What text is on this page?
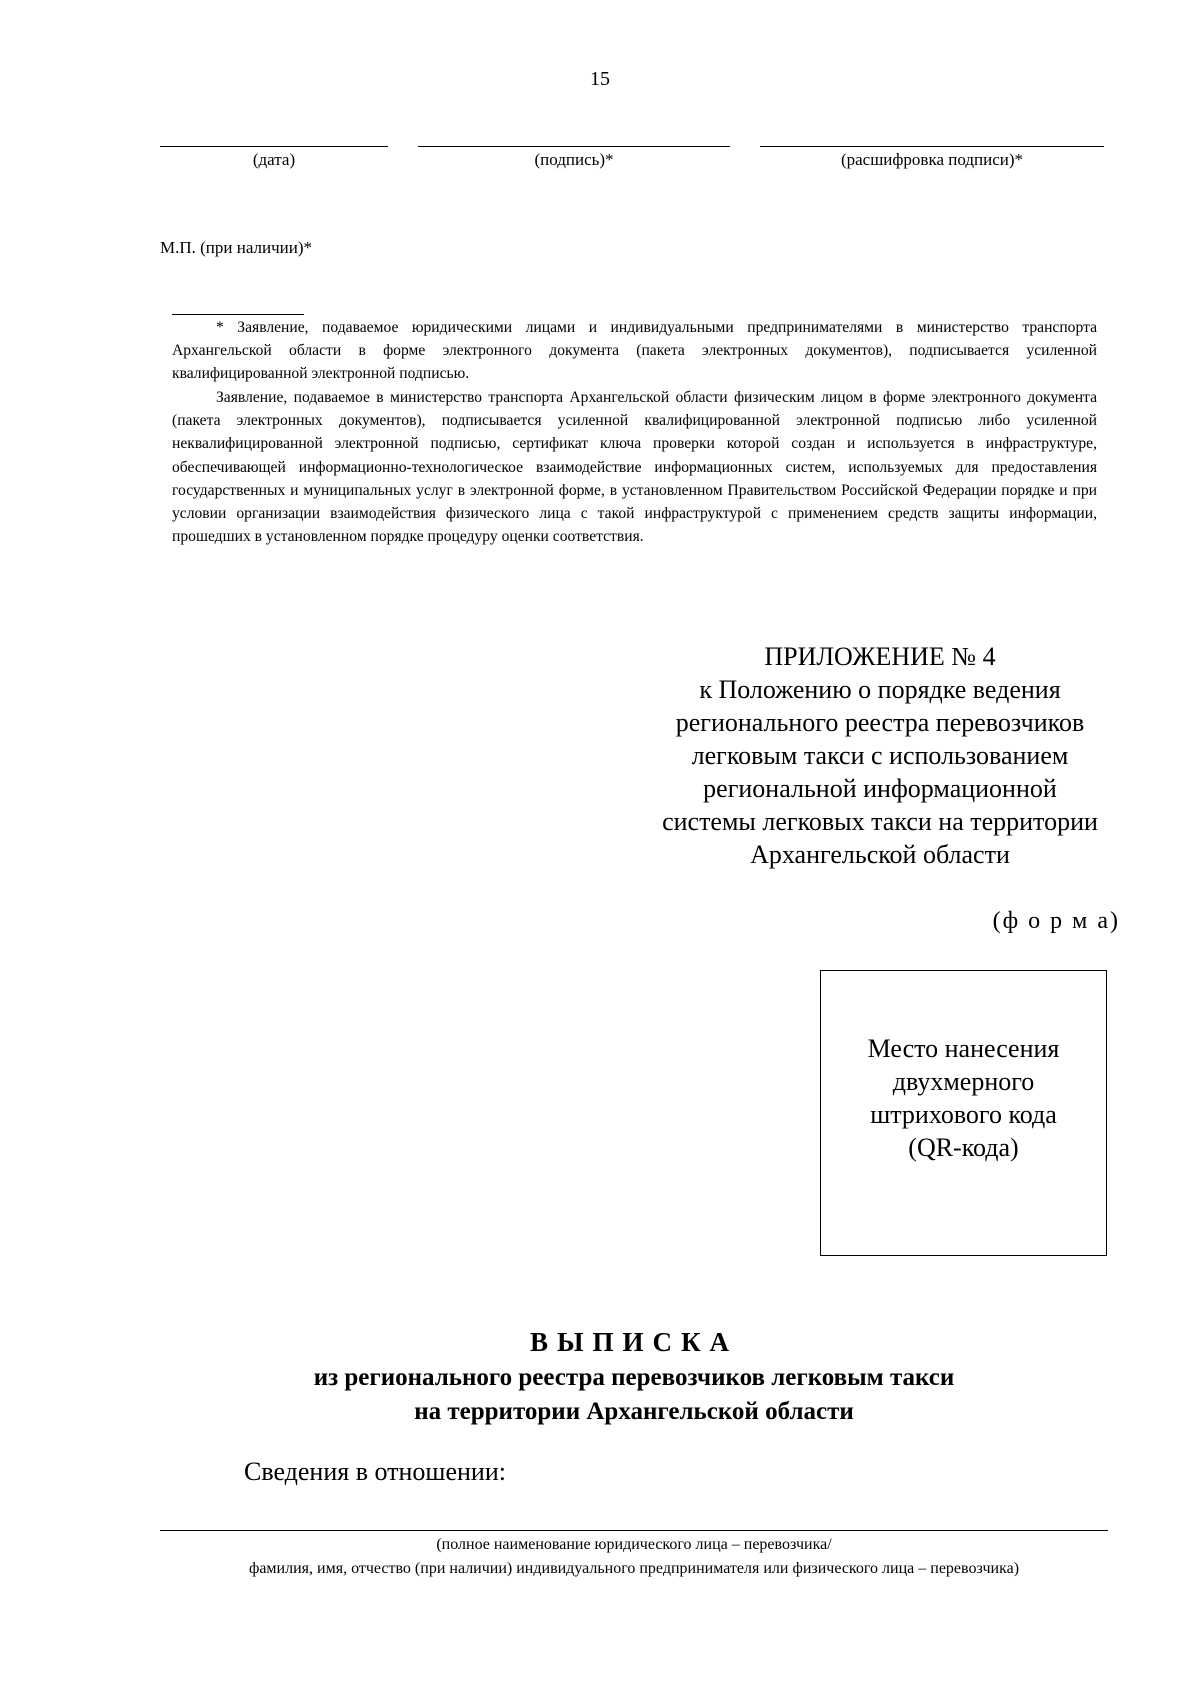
15
(дата)	(подпись)*	(расшифровка подписи)*
М.П. (при наличии)*

* Заявление, подаваемое юридическими лицами и индивидуальными предпринимателями в министерство транспорта Архангельской области в форме электронного документа (пакета электронных документов), подписывается усиленной квалифицированной электронной подписью.

Заявление, подаваемое в министерство транспорта Архангельской области физическим лицом в форме электронного документа (пакета электронных документов), подписывается усиленной квалифицированной электронной подписью либо усиленной неквалифицированной электронной подписью, сертификат ключа проверки которой создан и используется в инфраструктуре, обеспечивающей информационно-технологическое взаимодействие информационных систем, используемых для предоставления государственных и муниципальных услуг в электронной форме, в установленном Правительством Российской Федерации порядке и при условии организации взаимодействия физического лица с такой инфраструктурой с применением средств защиты информации, прошедших в установленном порядке процедуру оценки соответствия.

ПРИЛОЖЕНИЕ № 4
к Положению о порядке ведения
регионального реестра перевозчиков
легковым такси с использованием
региональной информационной
системы легковых такси на территории
Архангельской области
(ф о р м а)
Место нанесения
двухмерного
штрихового кода
(QR-кода)
ВЫПИСКА
из регионального реестра перевозчиков легковым такси
на территории Архангельской области
Сведения в отношении:
(полное наименование юридического лица – перевозчика/
фамилия, имя, отчество (при наличии) индивидуального предпринимателя или физического лица – перевозчика)
